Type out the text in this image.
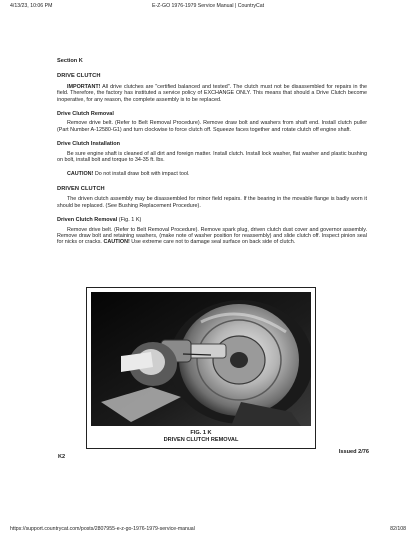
4/13/23, 10:06 PM	E-Z-GO 1976-1979 Service Manual | CountryCat
Section K
DRIVE CLUTCH

IMPORTANT! All drive clutches are "certified balanced and tested". The clutch must not be disassembled for repairs in the field. Therefore, the factory has instituted a service policy of EXCHANGE ONLY. This means that should a Drive Clutch become inoperative, for any reason, the complete assembly is to be replaced.

Drive Clutch Removal

Remove drive belt. (Refer to Belt Removal Procedure). Remove draw bolt and washers from shaft end. Install clutch puller (Part Number A-12580-G1) and turn clockwise to force clutch off. Squeeze faces together and rotate clutch off engine shaft.

Drive Clutch Installation

Be sure engine shaft is cleaned of all dirt and foreign matter. Install clutch. Install lock washer, flat washer and plastic bushing on bolt, install bolt and torque to 34-35 ft. lbs.

CAUTION! Do not install draw bolt with impact tool.

DRIVEN CLUTCH

The driven clutch assembly may be disassembled for minor field repairs. If the bearing in the movable flange is badly worn it should be replaced. (See Bushing Replacement Procedure).

Driven Clutch Removal (Fig. 1 K)

Remove drive belt. (Refer to Belt Removal Procedure). Remove spark plug, driven clutch dust cover and governor assembly. Remove draw bolt and retaining washers, (make note of washer position for reassembly) and slide clutch off. Inspect pinion seal for nicks or cracks. CAUTION! Use extreme care not to damage seal surface on back side of clutch.

FIG. 1 K
DRIVEN CLUTCH REMOVAL
K2
Issued 2/76
https://support.countrycat.com/posts/2807955-e-z-go-1976-1979-service-manual	82/108
